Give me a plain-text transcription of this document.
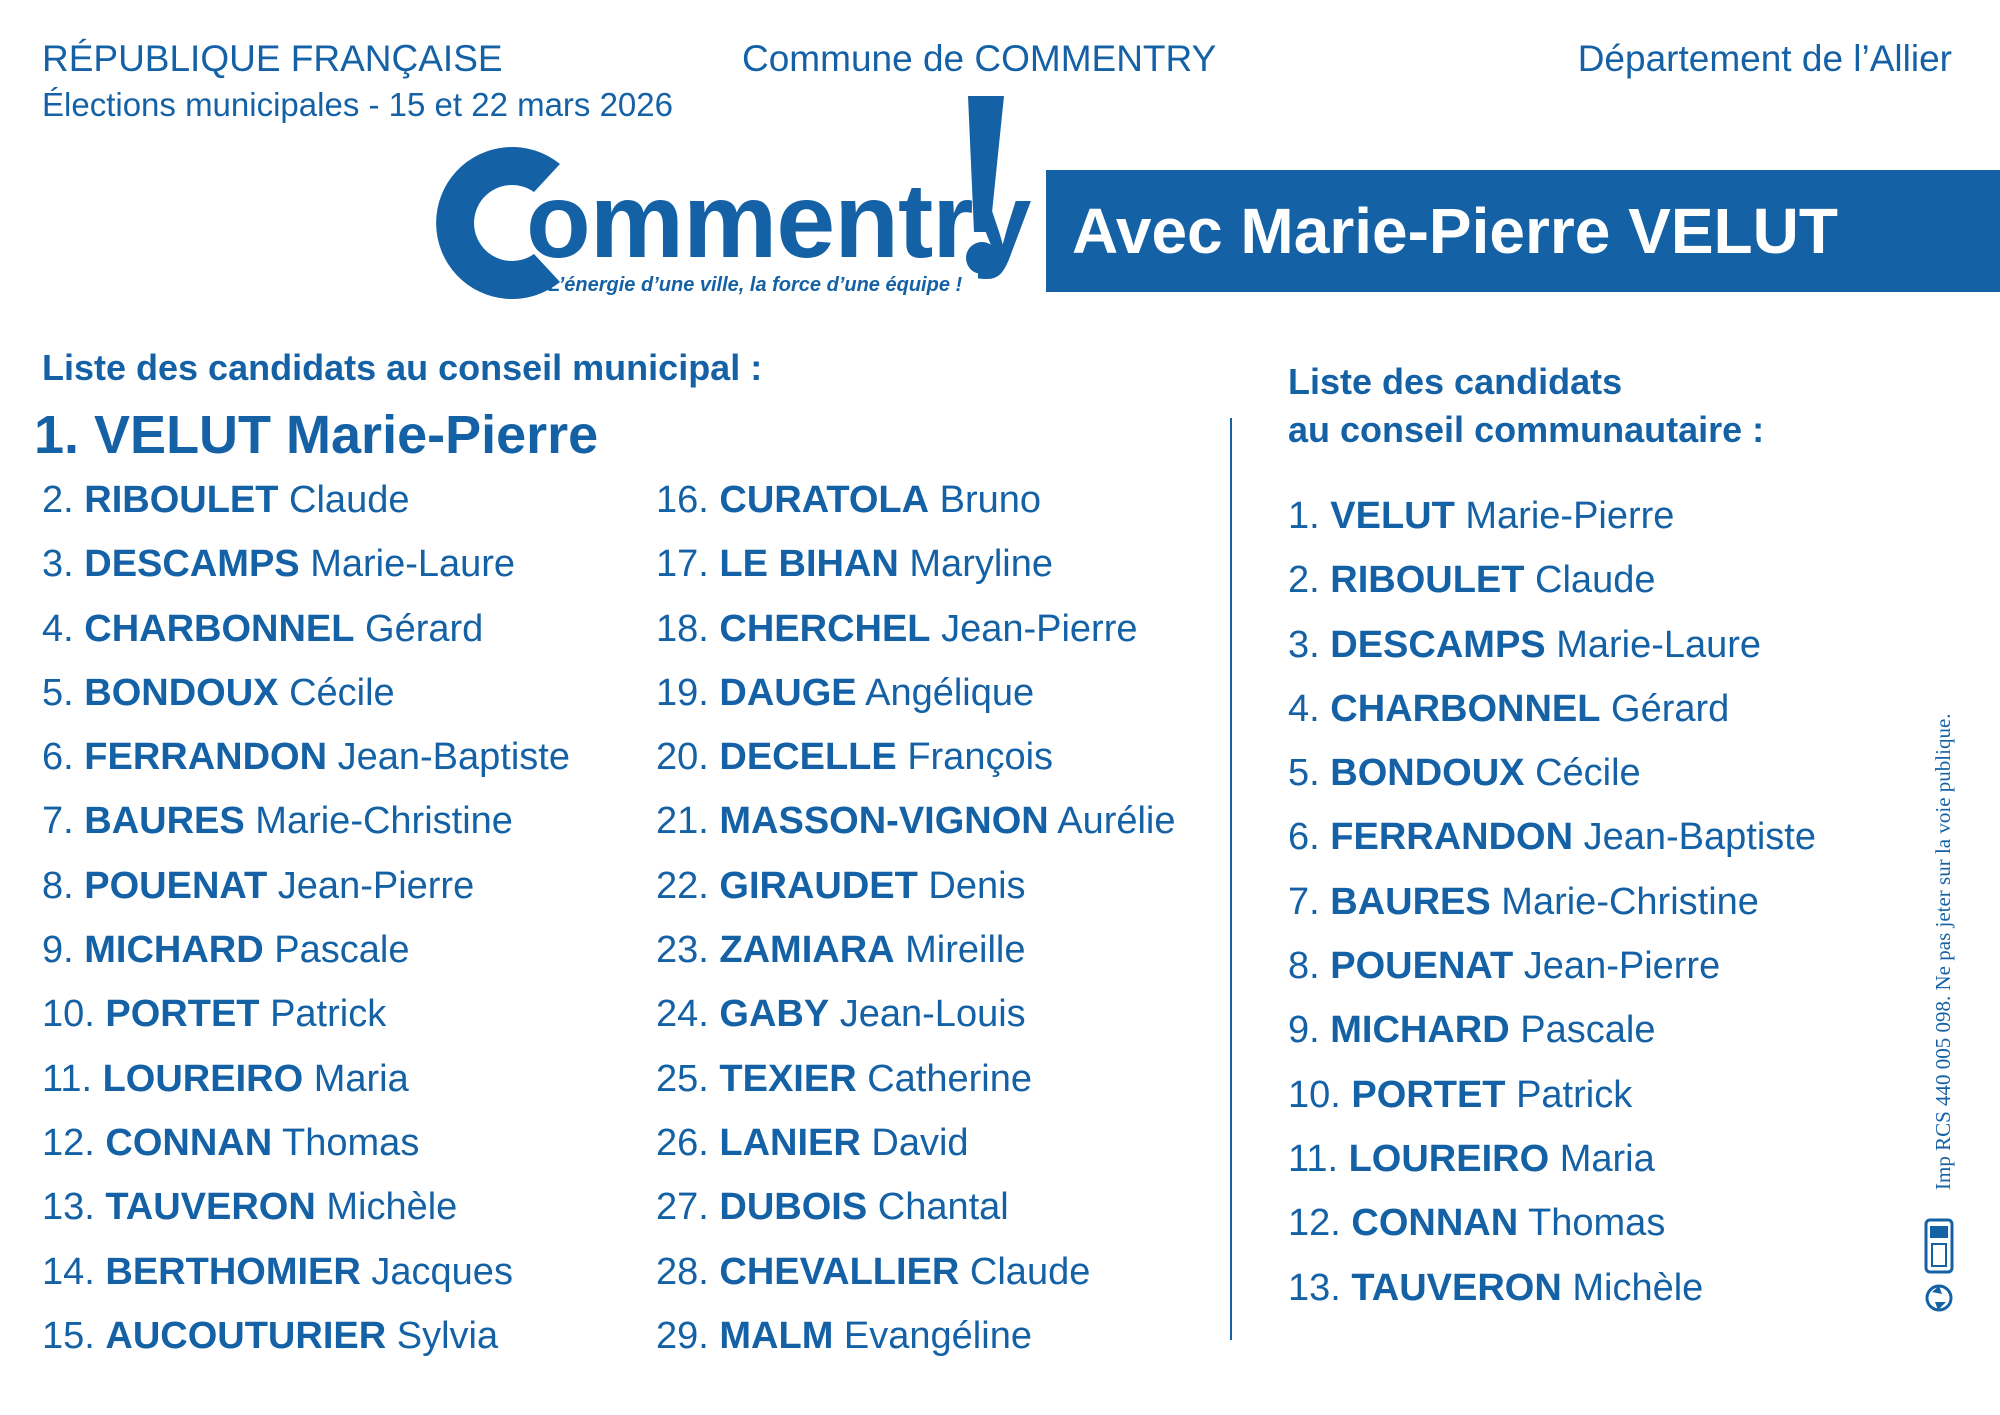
RÉPUBLIQUE FRANÇAISE
Élections municipales - 15 et 22 mars 2026
Commune de COMMENTRY	Département de l’Allier
ommentry
L’énergie d’une ville, la force d’une équipe !
Avec Marie-Pierre VELUT
Liste des candidats au conseil municipal :
1. VELUT Marie-Pierre
2. RIBOULET Claude
3. DESCAMPS Marie-Laure
4. CHARBONNEL Gérard
5. BONDOUX Cécile
6. FERRANDON Jean-Baptiste
7. BAURES Marie-Christine
8. POUENAT Jean-Pierre
9. MICHARD Pascale
10. PORTET Patrick
11. LOUREIRO Maria
12. CONNAN Thomas
13. TAUVERON Michèle
14. BERTHOMIER Jacques
15. AUCOUTURIER Sylvia
16. CURATOLA Bruno
17. LE BIHAN Maryline
18. CHERCHEL Jean-Pierre
19. DAUGE Angélique
20. DECELLE François
21. MASSON-VIGNON Aurélie
22. GIRAUDET Denis
23. ZAMIARA Mireille
24. GABY Jean-Louis
25. TEXIER Catherine
26. LANIER David
27. DUBOIS Chantal
28. CHEVALLIER Claude
29. MALM Evangéline
Liste des candidats
au conseil communautaire :
1. VELUT Marie-Pierre
2. RIBOULET Claude
3. DESCAMPS Marie-Laure
4. CHARBONNEL Gérard
5. BONDOUX Cécile
6. FERRANDON Jean-Baptiste
7. BAURES Marie-Christine
8. POUENAT Jean-Pierre
9. MICHARD Pascale
10. PORTET Patrick
11. LOUREIRO Maria
12. CONNAN Thomas
13. TAUVERON Michèle
Imp RCS 440 005 098. Ne pas jeter sur la voie publique.
